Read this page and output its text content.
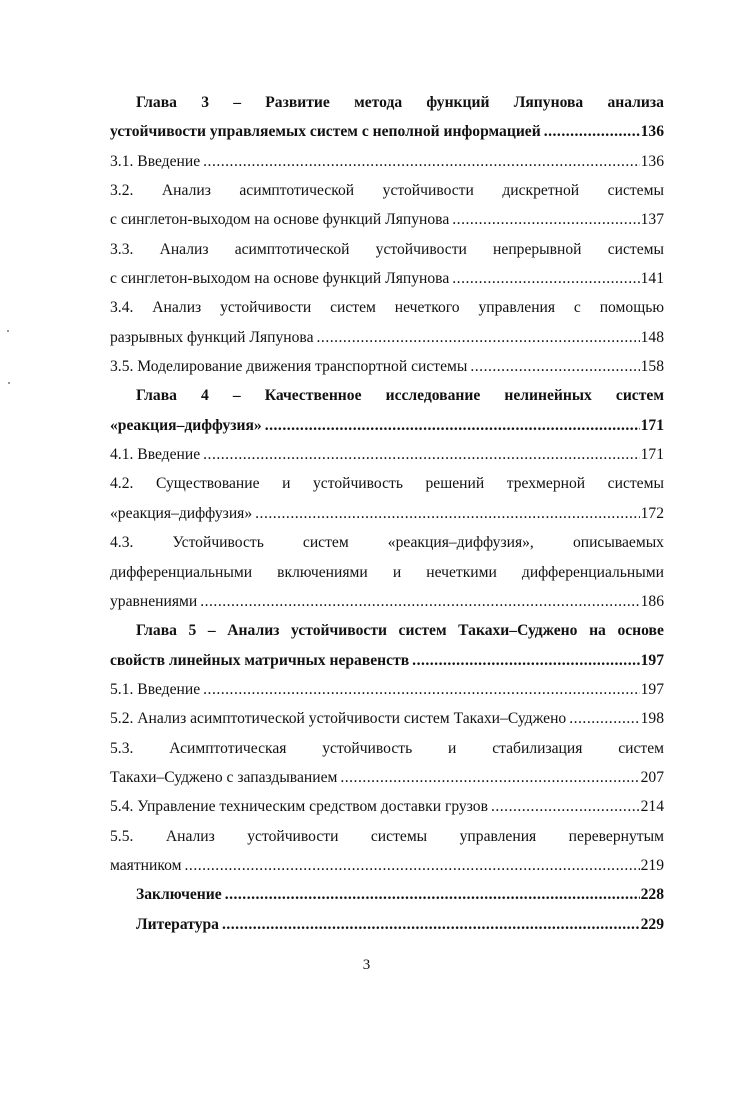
Глава 3 – Развитие метода функций Ляпунова анализа
устойчивости управляемых систем с неполной информацией .....	136
3.1. Введение .....	136
3.2. Анализ асимптотической устойчивости дискретной системы
с синглетон-выходом на основе функций Ляпунова .....	137
3.3. Анализ асимптотической устойчивости непрерывной системы
с синглетон-выходом на основе функций Ляпунова .....	141
3.4. Анализ устойчивости систем нечеткого управления с помощью
разрывных функций Ляпунова .....	148
3.5. Моделирование движения транспортной системы .....	158
Глава 4 – Качественное исследование нелинейных систем
«реакция–диффузия» .....	171
4.1. Введение .....	171
4.2. Существование и устойчивость решений трехмерной системы
«реакция–диффузия» .....	172
4.3.	Устойчивость	систем	«реакция–диффузия»,	описываемых
дифференциальными включениями и нечеткими дифференциальными
уравнениями .....	186
Глава 5 – Анализ устойчивости систем Такахи–Суджено на основе
свойств линейных матричных неравенств .....	197
5.1. Введение .....	197
5.2. Анализ асимптотической устойчивости систем Такахи–Суджено .....	198
5.3. Асимптотическая устойчивость и стабилизация систем
Такахи–Суджено с запаздыванием .....	207
5.4. Управление техническим средством доставки грузов .....	214
5.5. Анализ устойчивости системы управления перевернутым
маятником .....	219
Заключение .....	228
Литература .....	229
3
